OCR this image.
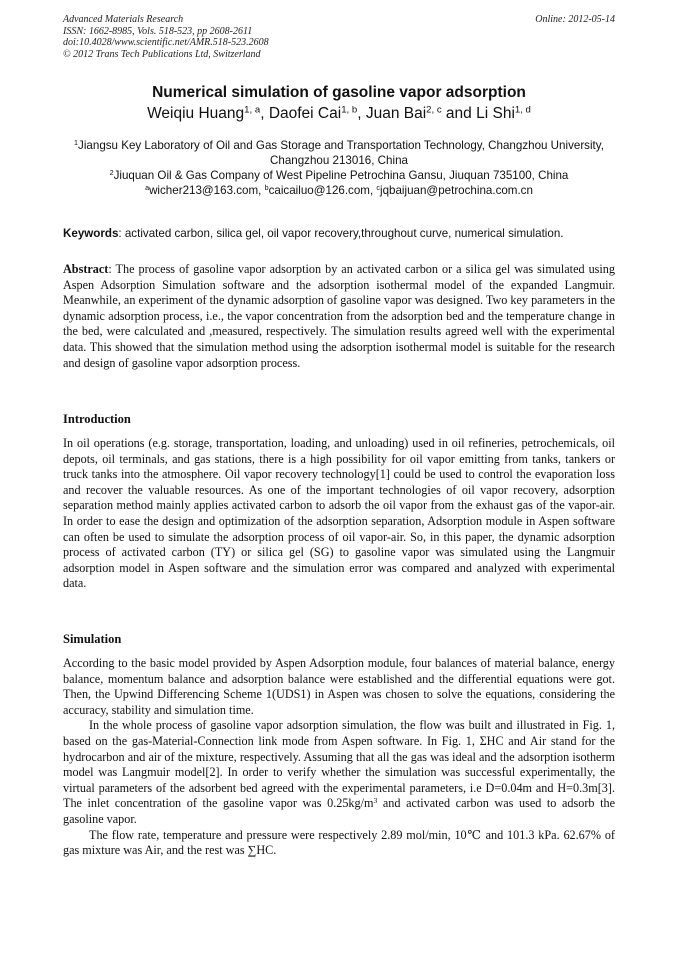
Advanced Materials Research
ISSN: 1662-8985, Vols. 518-523, pp 2608-2611
doi:10.4028/www.scientific.net/AMR.518-523.2608
© 2012 Trans Tech Publications Ltd, Switzerland
Online: 2012-05-14
Numerical simulation of gasoline vapor adsorption
Weiqiu Huang$^{1, a}$, Daofei Cai$^{1, b}$, Juan Bai$^{2, c}$ and Li Shi$^{1, d}$
$^1$Jiangsu Key Laboratory of Oil and Gas Storage and Transportation Technology, Changzhou University, Changzhou 213016, China
$^2$Jiuquan Oil & Gas Company of West Pipeline Petrochina Gansu, Jiuquan 735100, China
$^a$wicher213@163.com, $^b$caicailuo@126.com, $^c$jqbaijuan@petrochina.com.cn
Keywords: activated carbon, silica gel, oil vapor recovery,throughout curve, numerical simulation.
Abstract: The process of gasoline vapor adsorption by an activated carbon or a silica gel was simulated using Aspen Adsorption Simulation software and the adsorption isothermal model of the expanded Langmuir. Meanwhile, an experiment of the dynamic adsorption of gasoline vapor was designed. Two key parameters in the dynamic adsorption process, i.e., the vapor concentration from the adsorption bed and the temperature change in the bed, were calculated and ,measured, respectively. The simulation results agreed well with the experimental data. This showed that the simulation method using the adsorption isothermal model is suitable for the research and design of gasoline vapor adsorption process.
Introduction
In oil operations (e.g. storage, transportation, loading, and unloading) used in oil refineries, petrochemicals, oil depots, oil terminals, and gas stations, there is a high possibility for oil vapor emitting from tanks, tankers or truck tanks into the atmosphere. Oil vapor recovery technology[1] could be used to control the evaporation loss and recover the valuable resources. As one of the important technologies of oil vapor recovery, adsorption separation method mainly applies activated carbon to adsorb the oil vapor from the exhaust gas of the vapor-air. In order to ease the design and optimization of the adsorption separation, Adsorption module in Aspen software can often be used to simulate the adsorption process of oil vapor-air. So, in this paper, the dynamic adsorption process of activated carbon (TY) or silica gel (SG) to gasoline vapor was simulated using the Langmuir adsorption model in Aspen software and the simulation error was compared and analyzed with experimental data.
Simulation

According to the basic model provided by Aspen Adsorption module, four balances of material balance, energy balance, momentum balance and adsorption balance were established and the differential equations were got. Then, the Upwind Differencing Scheme 1(UDS1) in Aspen was chosen to solve the equations, considering the accuracy, stability and simulation time.

In the whole process of gasoline vapor adsorption simulation, the flow was built and illustrated in Fig. 1, based on the gas-Material-Connection link mode from Aspen software. In Fig. 1, ΣHC and Air stand for the hydrocarbon and air of the mixture, respectively. Assuming that all the gas was ideal and the adsorption isotherm model was Langmuir model[2]. In order to verify whether the simulation was successful experimentally, the virtual parameters of the adsorbent bed agreed with the experimental parameters, i.e D=0.04m and H=0.3m[3]. The inlet concentration of the gasoline vapor was $0.25kg/m^3$ and activated carbon was used to adsorb the gasoline vapor.

The flow rate, temperature and pressure were respectively 2.89 mol/min, 10℃ and 101.3 kPa. 62.67% of gas mixture was Air, and the rest was ∑HC.
